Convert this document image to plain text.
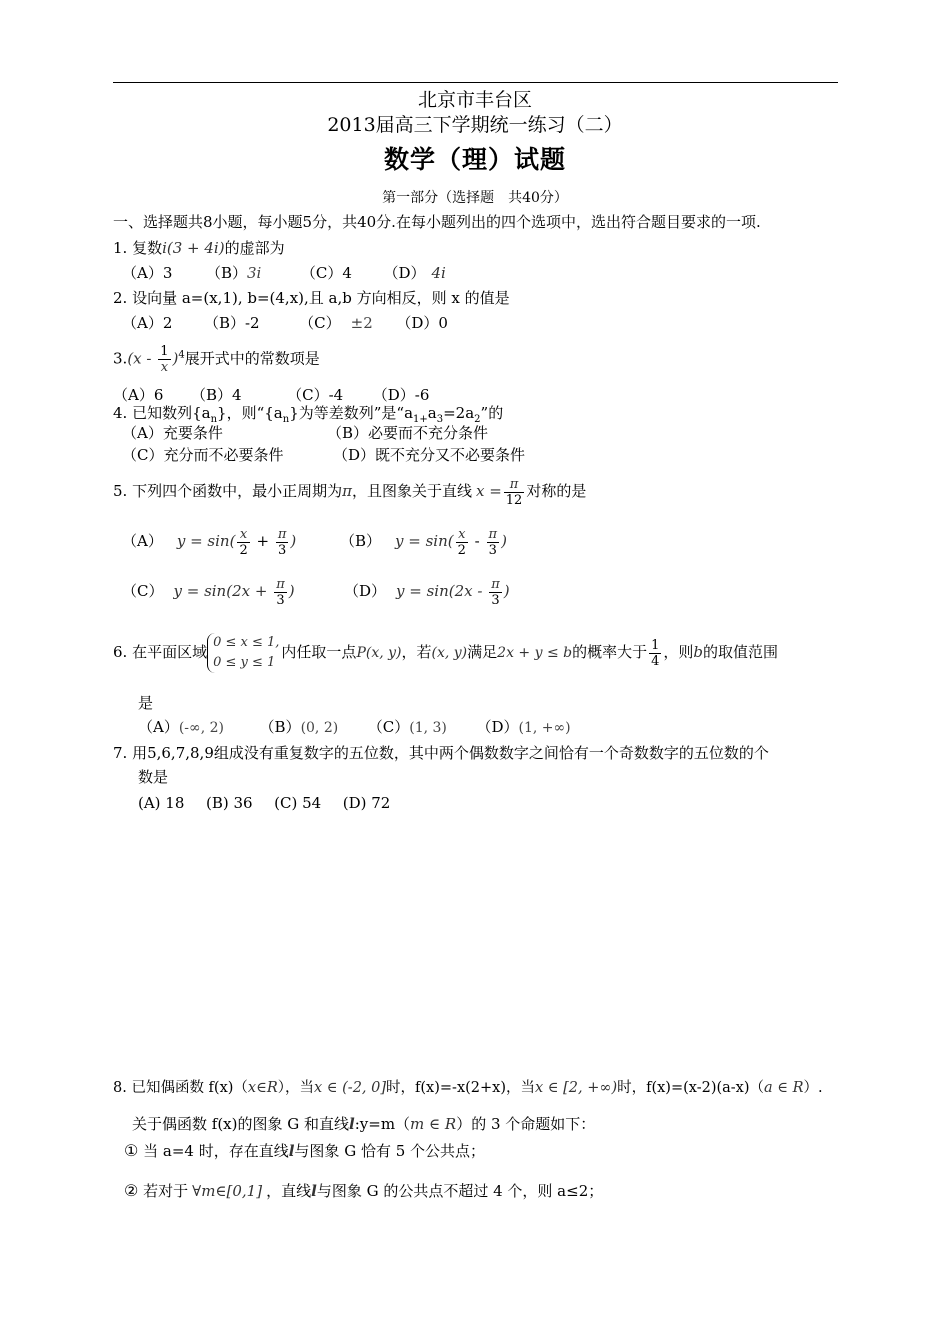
北京市丰台区
2013届高三下学期统一练习（二）
数学（理）试题
第一部分（选择题　共40分）
一、选择题共8小题，每小题5分，共40分.在每小题列出的四个选项中，选出符合题目要求的一项.
1. 复数i(3 + 4i)的虚部为
（A）3 （B）3i	（C）4 （D） 4i
2. 设向量 a=(x,1), b=(4,x),且 a,b 方向相反，则 x 的值是
（A）2 （B）-2	（C） ±2 （D）0
$3.(x - \frac{1}{x} )^4$展开式中的常数项是
（A）6 （B）4	（C）-4 （D）-6
4. 已知数列$\{a_n\}$，则“$\{a_n\}$为等差数列”是“$a_{1+}a_3=2a_2$”的
（A）充要条件	（B）必要而不充分条件
（C）充分而不必要条件	（D）既不充分又不必要条件
5. 下列四个函数中，最小正周期为π，且图象关于直线 $x = \frac{\pi}{12}$ 对称的是
（A） $y = \sin( \frac{x}{2} + \frac{\pi}{3}$ )	（B） $y = \sin( \frac{x}{2} - \frac{\pi}{3}$ )
（C） $y = \sin(2x + \frac{\pi}{3}$ )	（D） $y = \sin(2x - \frac{\pi}{3}$ )
6. 在平面区域
0 ≤ x ≤ 1,
0 ≤ y ≤ 1
内任取一点P(x, y)，若(x, y)满足2x + y ≤ b的概率大于 $\frac{1}{4}$ ，则b的取值范围
是
（A）(-∞, 2) （B）(0, 2) （C）(1, 3) （D）(1, +∞)
7. 用5,6,7,8,9组成没有重复数字的五位数，其中两个偶数数字之间恰有一个奇数数字的五位数的个
数是
(A) 18 (B) 36 (C) 54 (D) 72
8. 已知偶函数 f(x)（x∈R），当x ∈ (-2, 0]时，f(x)=-x(2+x)，当x ∈ [2, +∞)时，f(x)=(x-2)(a-x)（a ∈ R）.
关于偶函数 f(x)的图象 G 和直线l:y=m（m ∈ R）的 3 个命题如下：
① 当 a=4 时，存在直线l与图象 G 恰有 5 个公共点；
② 若对于 ∀m∈[0,1] ，直线l与图象 G 的公共点不超过 4 个，则 a≤2；
